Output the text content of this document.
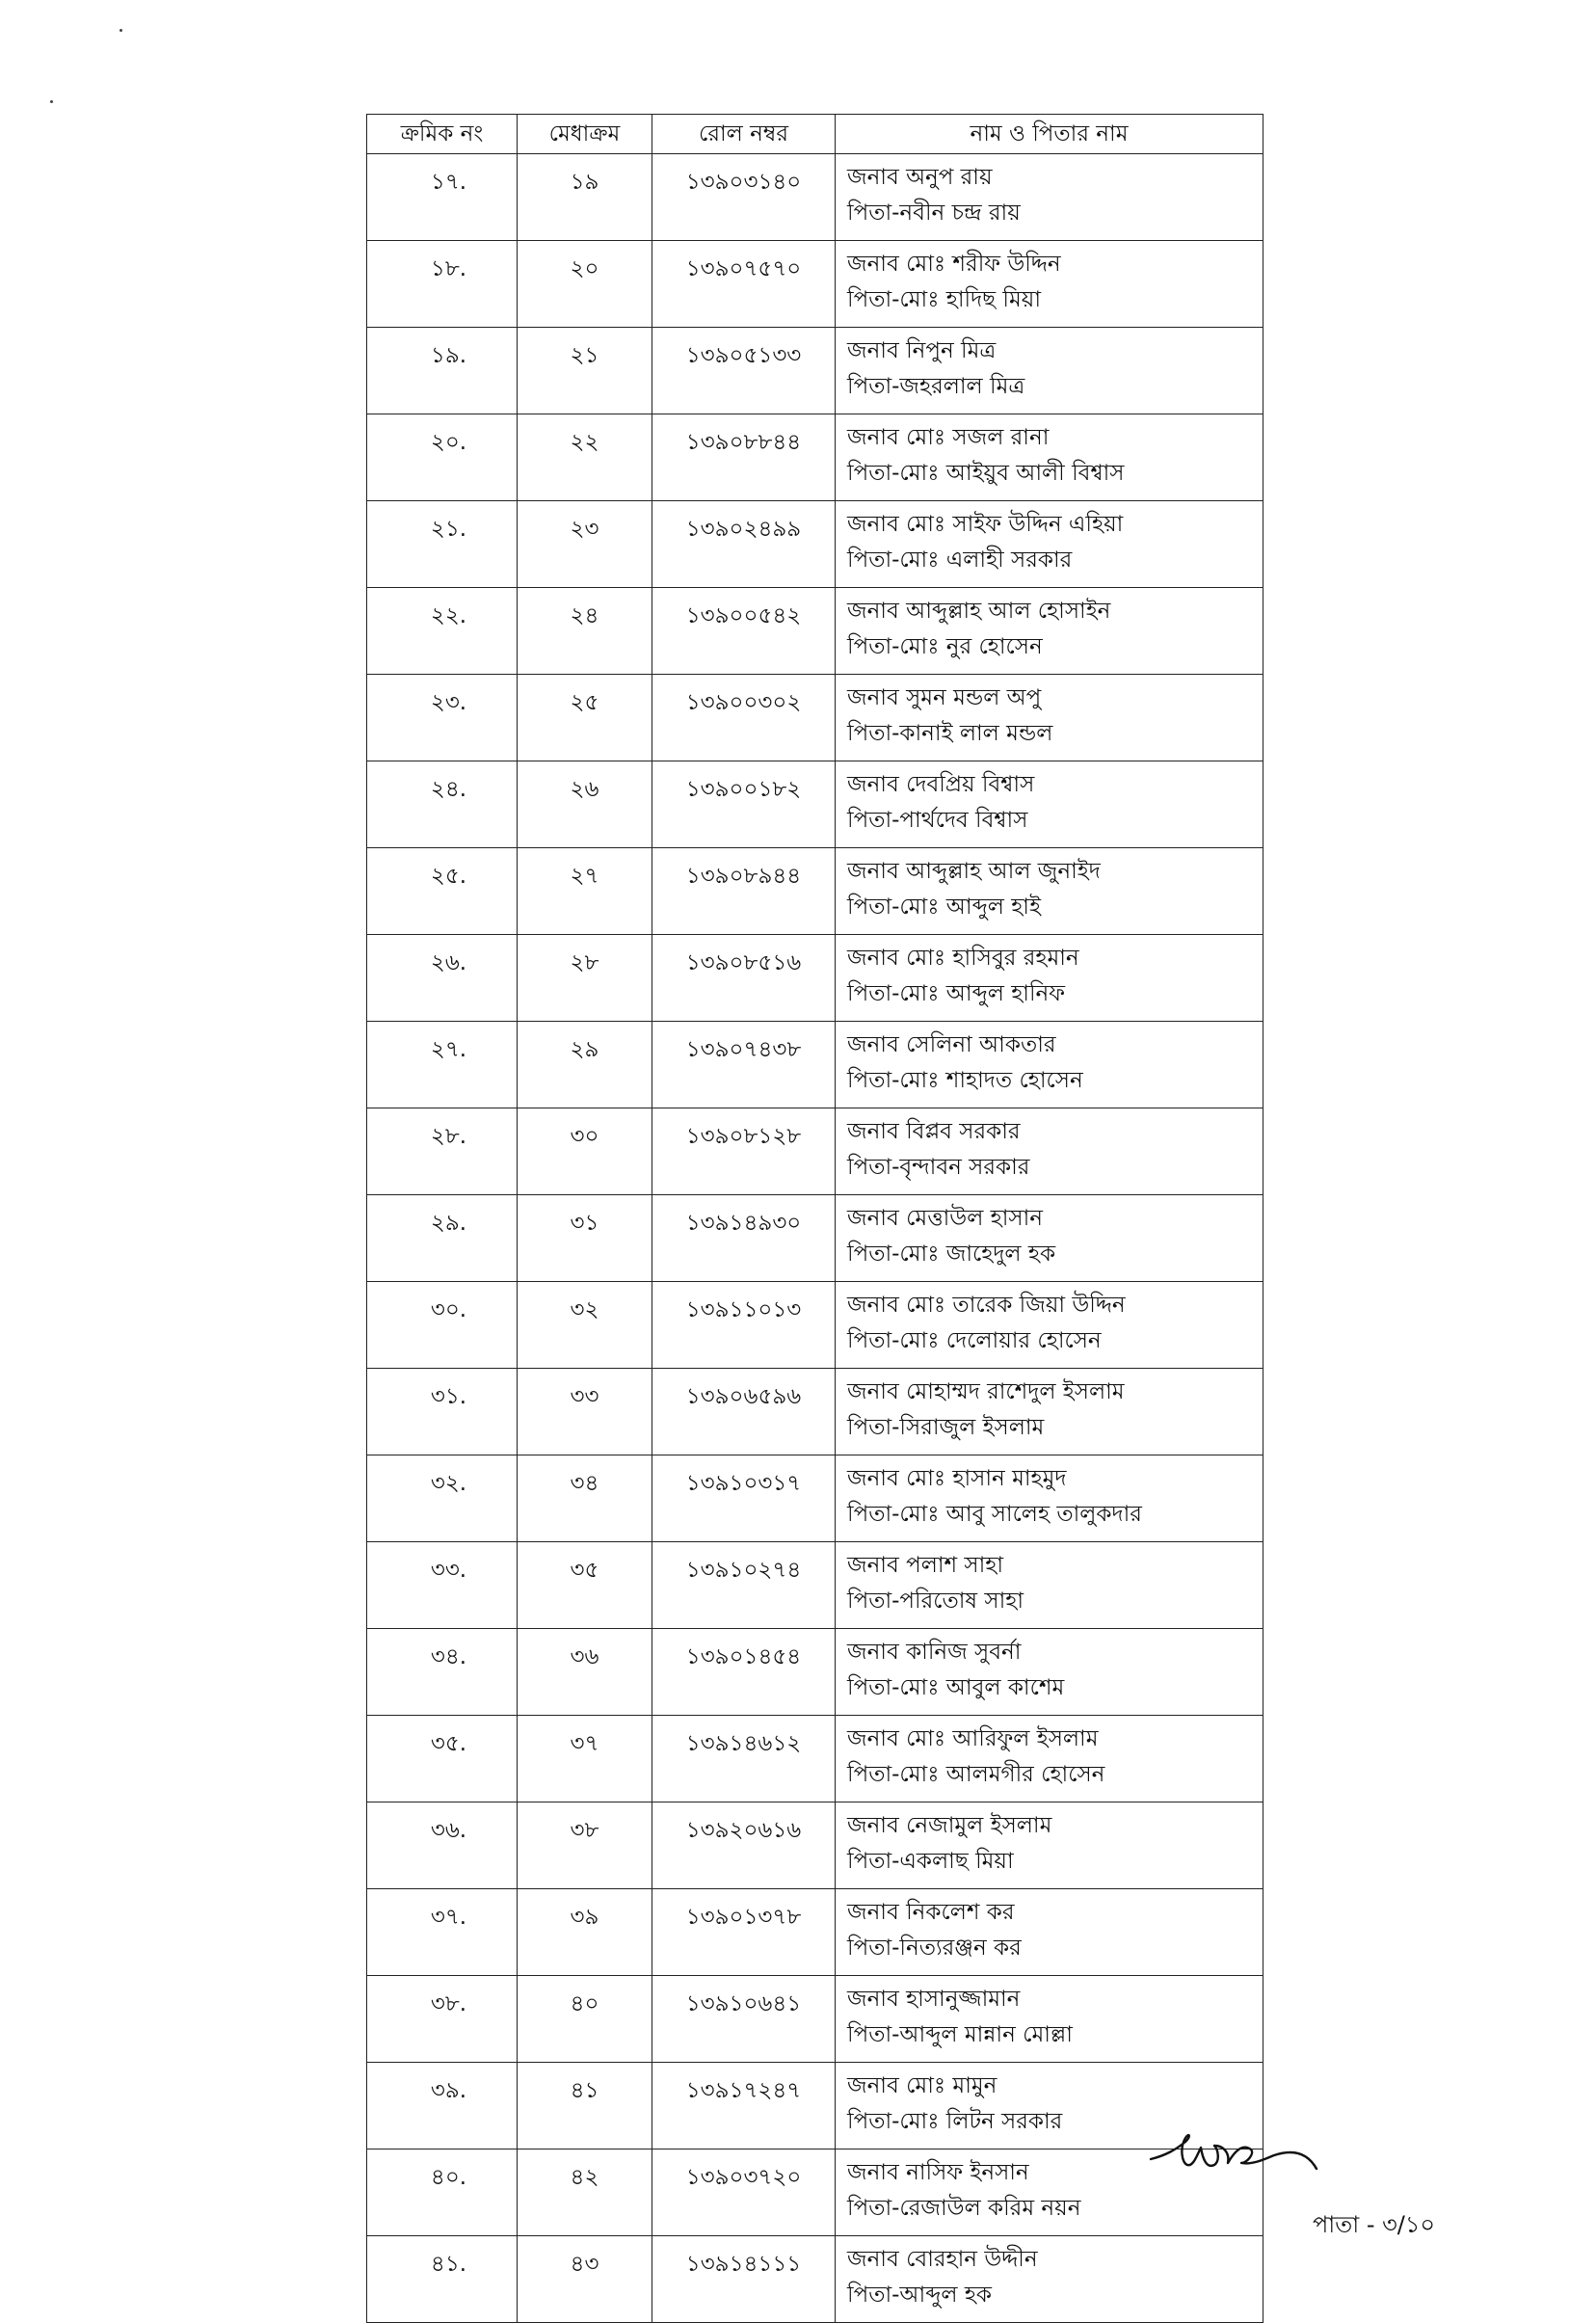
ক্রমিক নং	মেধাক্রম	রোল নম্বর	নাম ও পিতার নাম
১৭.	১৯	১৩৯০৩১৪০	জনাব অনুপ রায়
পিতা-নবীন চন্দ্র রায়

১৮.	২০	১৩৯০৭৫৭০	জনাব মোঃ শরীফ উদ্দিন
পিতা-মোঃ হাদিছ মিয়া

১৯.	২১	১৩৯০৫১৩৩	জনাব নিপুন মিত্র
পিতা-জহরলাল মিত্র

২০.	২২	১৩৯০৮৮৪৪	জনাব মোঃ সজল রানা
পিতা-মোঃ আইয়ুব আলী বিশ্বাস

২১.	২৩	১৩৯০২৪৯৯	জনাব মোঃ সাইফ উদ্দিন এহিয়া
পিতা-মোঃ এলাহী সরকার

২২.	২৪	১৩৯০০৫৪২	জনাব আব্দুল্লাহ আল হোসাইন
পিতা-মোঃ নুর হোসেন

২৩.	২৫	১৩৯০০৩০২	জনাব সুমন মন্ডল অপু
পিতা-কানাই লাল মন্ডল

২৪.	২৬	১৩৯০০১৮২	জনাব দেবপ্রিয় বিশ্বাস
পিতা-পার্থদেব বিশ্বাস

২৫.	২৭	১৩৯০৮৯৪৪	জনাব আব্দুল্লাহ আল জুনাইদ
পিতা-মোঃ আব্দুল হাই

২৬.	২৮	১৩৯০৮৫১৬	জনাব মোঃ হাসিবুর রহমান
পিতা-মোঃ আব্দুল হানিফ

২৭.	২৯	১৩৯০৭৪৩৮	জনাব সেলিনা আকতার
পিতা-মোঃ শাহাদত হোসেন

২৮.	৩০	১৩৯০৮১২৮	জনাব বিপ্লব সরকার
পিতা-বৃন্দাবন সরকার

২৯.	৩১	১৩৯১৪৯৩০	জনাব মেত্তাউল হাসান
পিতা-মোঃ জাহেদুল হক

৩০.	৩২	১৩৯১১০১৩	জনাব মোঃ তারেক জিয়া উদ্দিন
পিতা-মোঃ দেলোয়ার হোসেন

৩১.	৩৩	১৩৯০৬৫৯৬	জনাব মোহাম্মদ রাশেদুল ইসলাম
পিতা-সিরাজুল ইসলাম

৩২.	৩৪	১৩৯১০৩১৭	জনাব মোঃ হাসান মাহমুদ
পিতা-মোঃ আবু সালেহ তালুকদার

৩৩.	৩৫	১৩৯১০২৭৪	জনাব পলাশ সাহা
পিতা-পরিতোষ সাহা

৩৪.	৩৬	১৩৯০১৪৫৪	জনাব কানিজ সুবর্না
পিতা-মোঃ আবুল কাশেম

৩৫.	৩৭	১৩৯১৪৬১২	জনাব মোঃ আরিফুল ইসলাম
পিতা-মোঃ আলমগীর হোসেন

৩৬.	৩৮	১৩৯২০৬১৬	জনাব নেজামুল ইসলাম
পিতা-একলাছ মিয়া

৩৭.	৩৯	১৩৯০১৩৭৮	জনাব নিকলেশ কর
পিতা-নিত্যরঞ্জন কর

৩৮.	৪০	১৩৯১০৬৪১	জনাব হাসানুজ্জামান
পিতা-আব্দুল মান্নান মোল্লা

৩৯.	৪১	১৩৯১৭২৪৭	জনাব মোঃ মামুন
পিতা-মোঃ লিটন সরকার

৪০.	৪২	১৩৯০৩৭২০	জনাব নাসিফ ইনসান
পিতা-রেজাউল করিম নয়ন

৪১.	৪৩	১৩৯১৪১১১	জনাব বোরহান উদ্দীন
পিতা-আব্দুল হক
পাতা - ৩/১০
